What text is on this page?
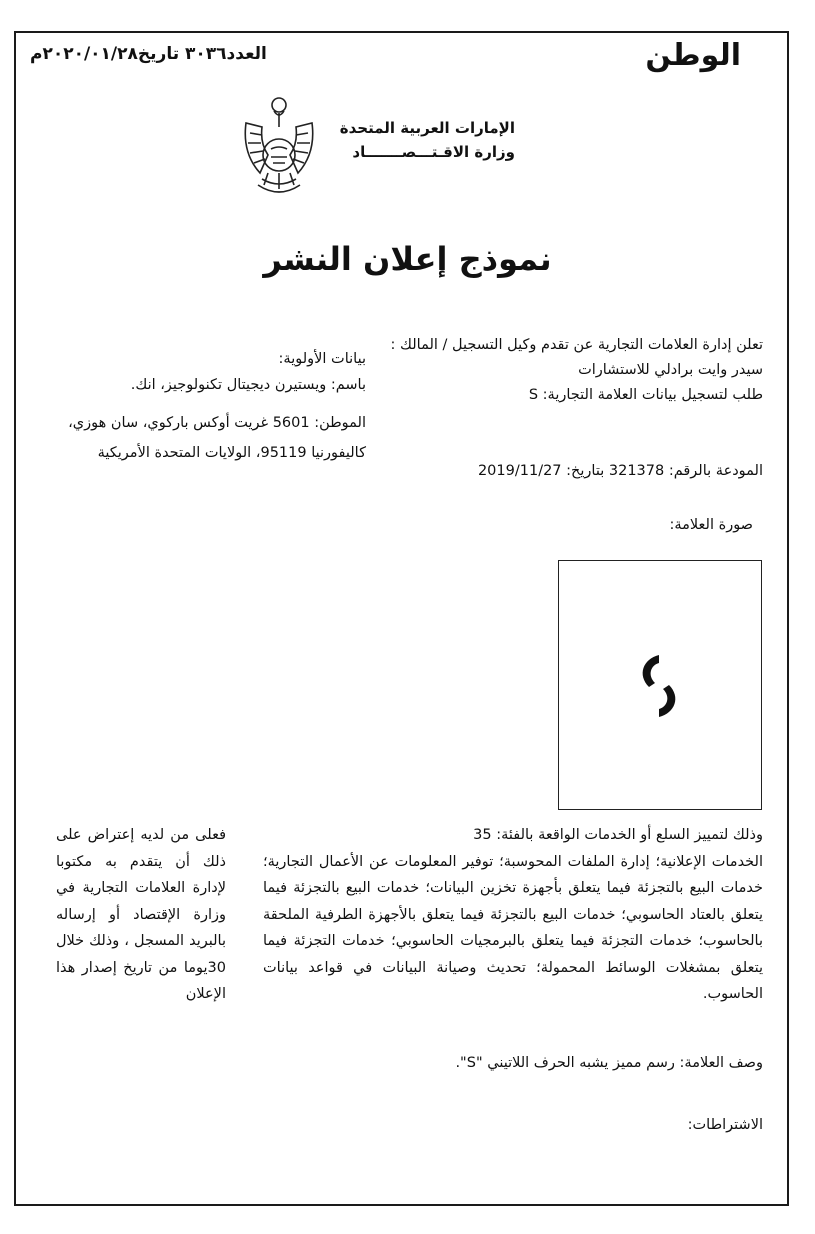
الوطن
العدد٣٠٣٦ تاريخ٢٠٢٠/٠١/٢٨م
الإمارات العربية المتحدة
وزارة الاقـتـــصـــــــاد
نموذج إعلان النشر
تعلن إدارة العلامات التجارية عن تقدم وكيل التسجيل / المالك :
سيدر وايت برادلي للاستشارات
طلب لتسجيل بيانات العلامة التجارية: S
المودعة بالرقم: 321378 بتاريخ: 2019/11/27
صورة العلامة:
بيانات الأولوية:
باسم: ويستيرن ديجيتال تكنولوجيز، انك.
الموطن: 5601 غريت أوكس باركوي، سان هوزي،
كاليفورنيا 95119، الولايات المتحدة الأمريكية
وذلك لتمييز السلع أو الخدمات الواقعة بالفئة: 35
الخدمات الإعلانية؛ إدارة الملفات المحوسبة؛ توفير المعلومات عن الأعمال التجارية؛ خدمات البيع بالتجزئة فيما يتعلق بأجهزة تخزين البيانات؛ خدمات البيع بالتجزئة فيما يتعلق بالعتاد الحاسوبي؛ خدمات البيع بالتجزئة فيما يتعلق بالأجهزة الطرفية الملحقة بالحاسوب؛ خدمات التجزئة فيما يتعلق بالبرمجيات الحاسوبي؛ خدمات التجزئة فيما يتعلق بمشغلات الوسائط المحمولة؛ تحديث وصيانة البيانات في قواعد بيانات الحاسوب.
فعلى من لديه إعتراض على ذلك أن يتقدم به مكتوبا لإدارة العلامات التجارية في وزارة الإقتصاد أو إرساله بالبريد المسجل ، وذلك خلال 30يوما من تاريخ إصدار هذا الإعلان
وصف العلامة: رسم مميز يشبه الحرف اللاتيني "S".
الاشتراطات:
